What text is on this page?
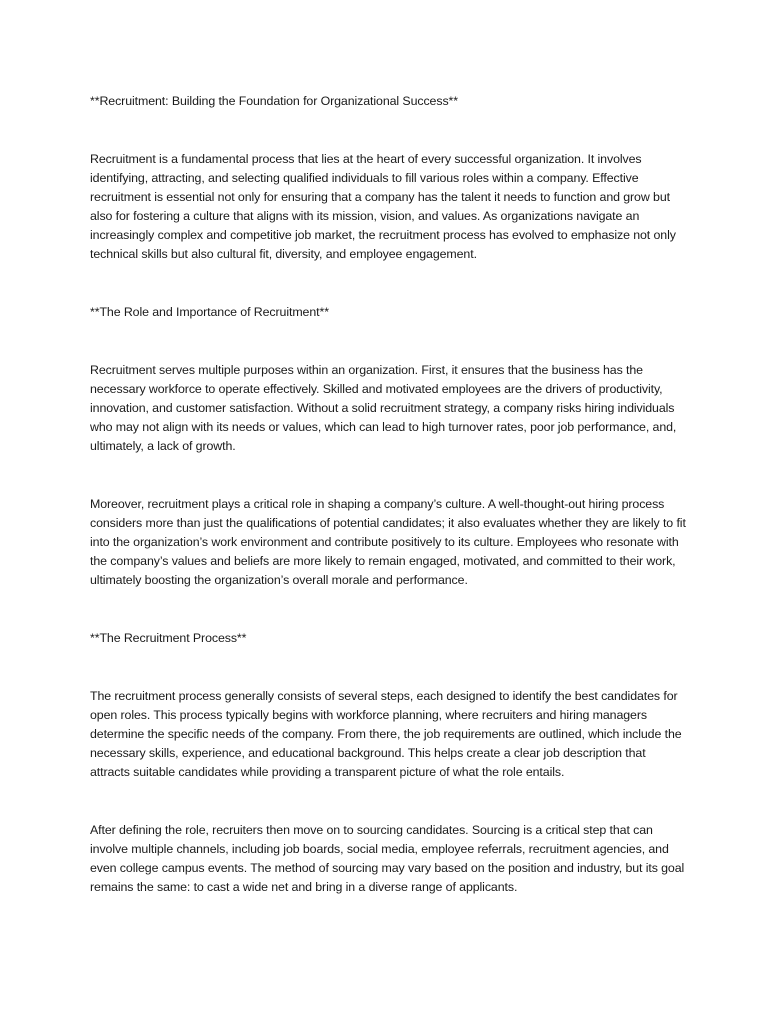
**Recruitment: Building the Foundation for Organizational Success**

Recruitment is a fundamental process that lies at the heart of every successful organization. It involves identifying, attracting, and selecting qualified individuals to fill various roles within a company. Effective recruitment is essential not only for ensuring that a company has the talent it needs to function and grow but also for fostering a culture that aligns with its mission, vision, and values. As organizations navigate an increasingly complex and competitive job market, the recruitment process has evolved to emphasize not only technical skills but also cultural fit, diversity, and employee engagement.

**The Role and Importance of Recruitment**

Recruitment serves multiple purposes within an organization. First, it ensures that the business has the necessary workforce to operate effectively. Skilled and motivated employees are the drivers of productivity, innovation, and customer satisfaction. Without a solid recruitment strategy, a company risks hiring individuals who may not align with its needs or values, which can lead to high turnover rates, poor job performance, and, ultimately, a lack of growth.

Moreover, recruitment plays a critical role in shaping a company’s culture. A well-thought-out hiring process considers more than just the qualifications of potential candidates; it also evaluates whether they are likely to fit into the organization’s work environment and contribute positively to its culture. Employees who resonate with the company’s values and beliefs are more likely to remain engaged, motivated, and committed to their work, ultimately boosting the organization’s overall morale and performance.

**The Recruitment Process**

The recruitment process generally consists of several steps, each designed to identify the best candidates for open roles. This process typically begins with workforce planning, where recruiters and hiring managers determine the specific needs of the company. From there, the job requirements are outlined, which include the necessary skills, experience, and educational background. This helps create a clear job description that attracts suitable candidates while providing a transparent picture of what the role entails.

After defining the role, recruiters then move on to sourcing candidates. Sourcing is a critical step that can involve multiple channels, including job boards, social media, employee referrals, recruitment agencies, and even college campus events. The method of sourcing may vary based on the position and industry, but its goal remains the same: to cast a wide net and bring in a diverse range of applicants.
